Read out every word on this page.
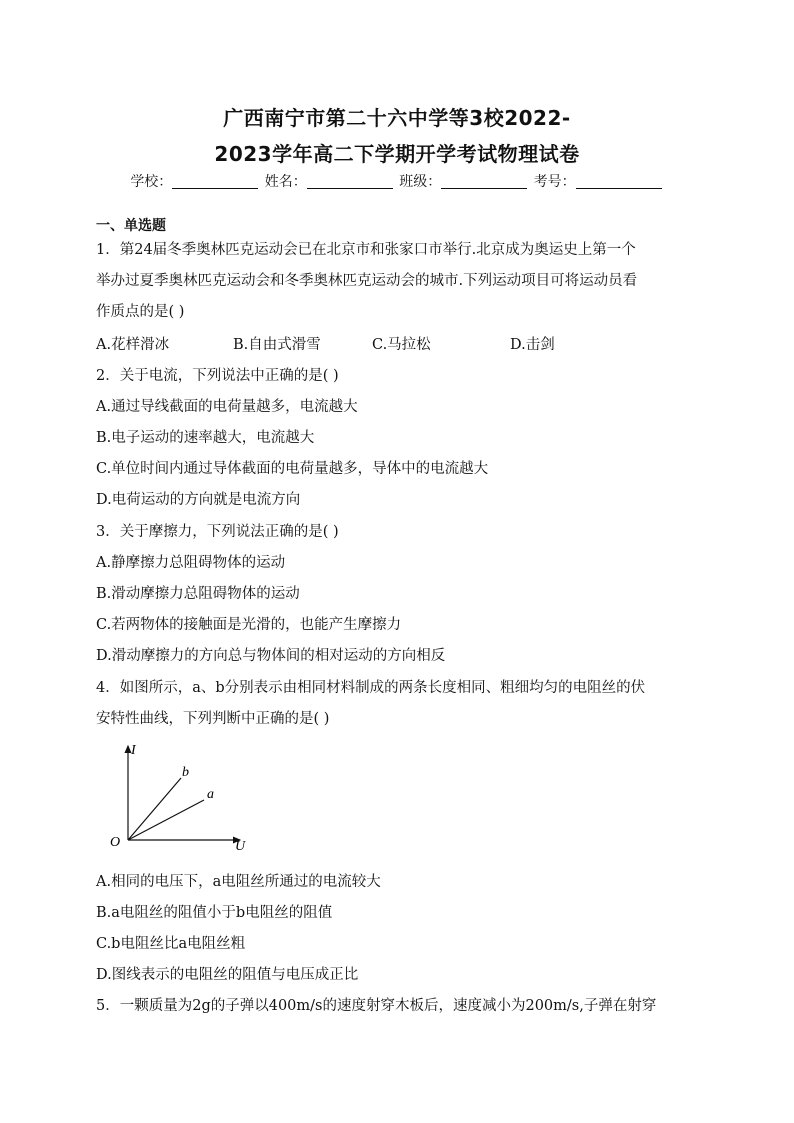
广西南宁市第二十六中学等3校2022-
2023学年高二下学期开学考试物理试卷
学校：	姓名：	班级：	考号：
一、单选题
1．第24届冬季奥林匹克运动会已在北京市和张家口市举行.北京成为奥运史上第一个
举办过夏季奥林匹克运动会和冬季奥林匹克运动会的城市.下列运动项目可将运动员看
作质点的是( )
A.花样滑冰	B.自由式滑雪	C.马拉松	D.击剑
2．关于电流，下列说法中正确的是( )
A.通过导线截面的电荷量越多，电流越大
B.电子运动的速率越大，电流越大
C.单位时间内通过导体截面的电荷量越多，导体中的电流越大
D.电荷运动的方向就是电流方向
3．关于摩擦力，下列说法正确的是( )
A.静摩擦力总阻碍物体的运动
B.滑动摩擦力总阻碍物体的运动
C.若两物体的接触面是光滑的，也能产生摩擦力
D.滑动摩擦力的方向总与物体间的相对运动的方向相反
4．如图所示，a、b分别表示由相同材料制成的两条长度相同、粗细均匀的电阻丝的伏
安特性曲线，下列判断中正确的是( )
I
U
O
b
a
A.相同的电压下，a电阻丝所通过的电流较大
B.a电阻丝的阻值小于b电阻丝的阻值
C.b电阻丝比a电阻丝粗
D.图线表示的电阻丝的阻值与电压成正比
5．一颗质量为2g的子弹以400m/s的速度射穿木板后，速度减小为200m/s,子弹在射穿
